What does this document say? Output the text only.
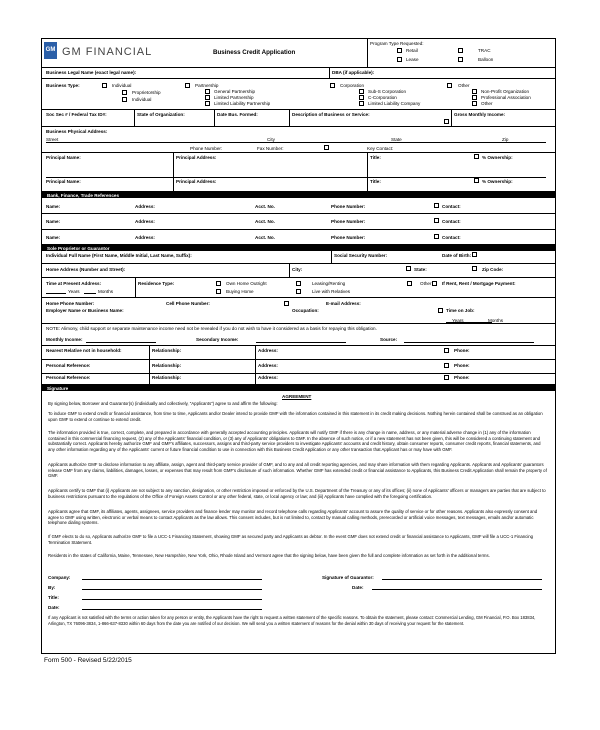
GM GM FINANCIAL	Business Credit Application
Program Type Requested:
Retail	TRAC
Lease	Balloon
Business Legal Name (exact legal name):	DBA (if applicable):
Business Type:	Individual
Proprietorship
Individual
Partnership
General Partnership
Limited Partnership
Limited Liability Partnership
Corporation
Sub-S Corporation
C-Corporation
Limited Liability Company
Other
Non-Profit Organization
Professional Association
Other
Soc Sec # / Federal Tax ID#:	State of Organization:	Date Bus. Formed:	Description of Business or Service:	Gross Monthly Income:
Business Physical Address:
Street	City	State	Zip
Phone Number:	Fax Number:	Key Contact:
Principal Name:	Principal Address:	Title:	% Ownership:
Principal Name:	Principal Address:	Title:	% Ownership:
Bank, Finance, Trade References
Name:	Address:	Acct. No.	Phone Number:	Contact:
Name:	Address:	Acct. No.	Phone Number:	Contact:
Name:	Address:	Acct. No.	Phone Number:	Contact:
Sole Proprietor or Guarantor
Individual Full Name (First Name, Middle Initial, Last Name, Suffix):	Social Security Number:	Date of Birth:
Home Address (Number and Street):	City:	State:	Zip Code:
Time at Present Address:
Years	Months
Residence Type:	Own Home Outright
Buying Home
Leasing/Renting
Live with Relatives
Other If Rent, Rent / Mortgage Payment:
Home Phone Number:	Cell Phone Number:	E-mail Address:
Employer Name or Business Name:	Occupation:	Time on Job:
Years	Months
NOTE: Alimony, child support or separate maintenance income need not be revealed if you do not wish to have it considered as a basis for repaying this obligation.
Monthly Income:	Secondary Income:	Source:
Nearest Relative not in household:	Relationship:	Address:	Phone:
Personal Reference:	Relationship:	Address:	Phone:
Personal Reference:	Relationship:	Address:	Phone:
Signature
AGREEMENT
By signing below, Borrower and Guarantor(s) (individually and collectively, "Applicants") agree to and affirm the following:
To induce GMF to extend credit or financial assistance, from time to time, Applicants and/or Dealer intend to provide GMF with the information contained in this statement in its credit making decisions. Nothing herein contained shall be construed as an obligation upon GMF to extend or continue to extend credit.
The information provided is true, correct, complete, and prepared in accordance with generally accepted accounting principles. Applicants will notify GMF if there is any change in name, address, or any material adverse change in (1) any of the information contained in this commercial financing request, (2) any of the Applicants' financial condition, or (3) any of Applicants' obligations to GMF. In the absence of such notice, or if a new statement has not been given, this will be considered a continuing statement and substantially correct. Applicants hereby authorize GMF and GMF's affiliates, successors, assigns and third-party service providers to investigate Applicants' accounts and credit history, obtain consumer reports, consumer credit reports, financial statements, and any other information regarding any of the Applicants' current or future financial condition to use in connection with this Business Credit Application or any other transaction that Applicant has or may have with GMF.
Applicants authorize GMF to disclose information to any affiliate, assign, agent and third-party service provider of GMF, and to any and all credit reporting agencies, and may share information with them regarding Applicants. Applicants and Applicants' guarantors release GMF from any claims, liabilities, damages, losses, or expenses that may result from GMF's disclosure of such information. Whether GMF has extended credit or financial assistance to Applicants, this Business Credit Application shall remain the property of GMF.
Applicants certify to GMF that (i) Applicants are not subject to any sanction, designation, or other restriction imposed or enforced by the U.S. Department of the Treasury or any of its offices; (ii) none of Applicants' officers or managers are parties that are subject to business restrictions pursuant to the regulations of the Office of Foreign Assets Control or any other federal, state, or local agency or law; and (iii) Applicants have complied with the foregoing certification.
Applicants agree that GMF, its affiliates, agents, assignees, service providers and finance lender may monitor and record telephone calls regarding Applicants' account to assure the quality of service or for other reasons. Applicants also expressly consent and agree to GMF using written, electronic or verbal means to contact Applicants as the law allows. This consent includes, but is not limited to, contact by manual calling methods, prerecorded or artificial voice messages, text messages, emails and/or automatic telephone dialing systems.
If GMF elects to do so, Applicants authorize GMF to file a UCC-1 Financing Statement, showing GMF as secured party and Applicants as debtor. In the event GMF does not extend credit or financial assistance to Applicants, GMF will file a UCC-1 Financing Termination Statement.
Residents in the states of California, Maine, Tennessee, New Hampshire, New York, Ohio, Rhode Island and Vermont agree that the signing below, have been given the full and complete information as set forth in the additional terms.
Company:
By:
Title:
Date:
Signature of Guarantor:
Date:
If any Applicant is not satisfied with the terms or action taken for any person or entity, the Applicants have the right to request a written statement of the specific reasons. To obtain the statement, please contact: Commercial Lending, GM Financial, P.O. Box 183834, Arlington, TX 76096-3834, 1-866-637-8330 within 60 days from the date you are notified of our decision. We will send you a written statement of reasons for the denial within 30 days of receiving your request for the statement.
Form 500 - Revised 5/22/2015
